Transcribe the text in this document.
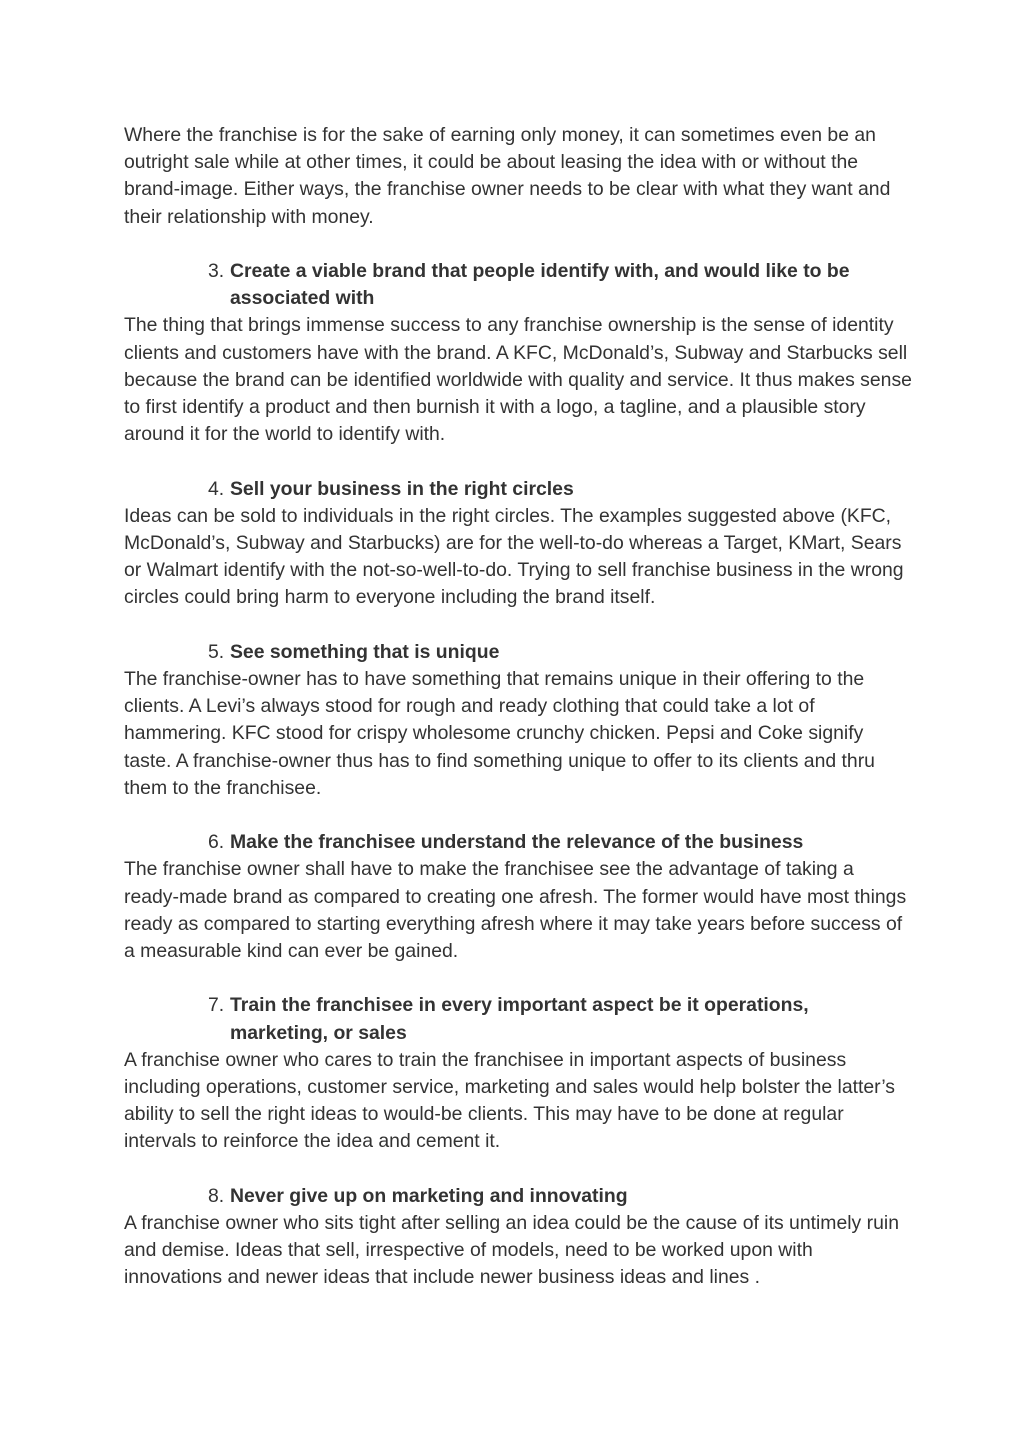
Where the franchise is for the sake of earning only money, it can sometimes even be an outright sale while at other times, it could be about leasing the idea with or without the brand-image. Either ways, the franchise owner needs to be clear with what they want and their relationship with money.

3. Create a viable brand that people identify with, and would like to be associated with

The thing that brings immense success to any franchise ownership is the sense of identity clients and customers have with the brand. A KFC, McDonald’s, Subway and Starbucks sell because the brand can be identified worldwide with quality and service. It thus makes sense to first identify a product and then burnish it with a logo, a tagline, and a plausible story around it for the world to identify with.

4. Sell your business in the right circles

Ideas can be sold to individuals in the right circles. The examples suggested above (KFC, McDonald’s, Subway and Starbucks) are for the well-to-do whereas a Target, KMart, Sears or Walmart identify with the not-so-well-to-do. Trying to sell franchise business in the wrong circles could bring harm to everyone including the brand itself.

5. See something that is unique

The franchise-owner has to have something that remains unique in their offering to the clients. A Levi’s always stood for rough and ready clothing that could take a lot of hammering. KFC stood for crispy wholesome crunchy chicken. Pepsi and Coke signify taste. A franchise-owner thus has to find something unique to offer to its clients and thru them to the franchisee.

6. Make the franchisee understand the relevance of the business

The franchise owner shall have to make the franchisee see the advantage of taking a ready-made brand as compared to creating one afresh. The former would have most things ready as compared to starting everything afresh where it may take years before success of a measurable kind can ever be gained.

7. Train the franchisee in every important aspect be it operations, marketing, or sales

A franchise owner who cares to train the franchisee in important aspects of business including operations, customer service, marketing and sales would help bolster the latter’s ability to sell the right ideas to would-be clients. This may have to be done at regular intervals to reinforce the idea and cement it.

8. Never give up on marketing and innovating

A franchise owner who sits tight after selling an idea could be the cause of its untimely ruin and demise. Ideas that sell, irrespective of models, need to be worked upon with innovations and newer ideas that include newer business ideas and lines .
